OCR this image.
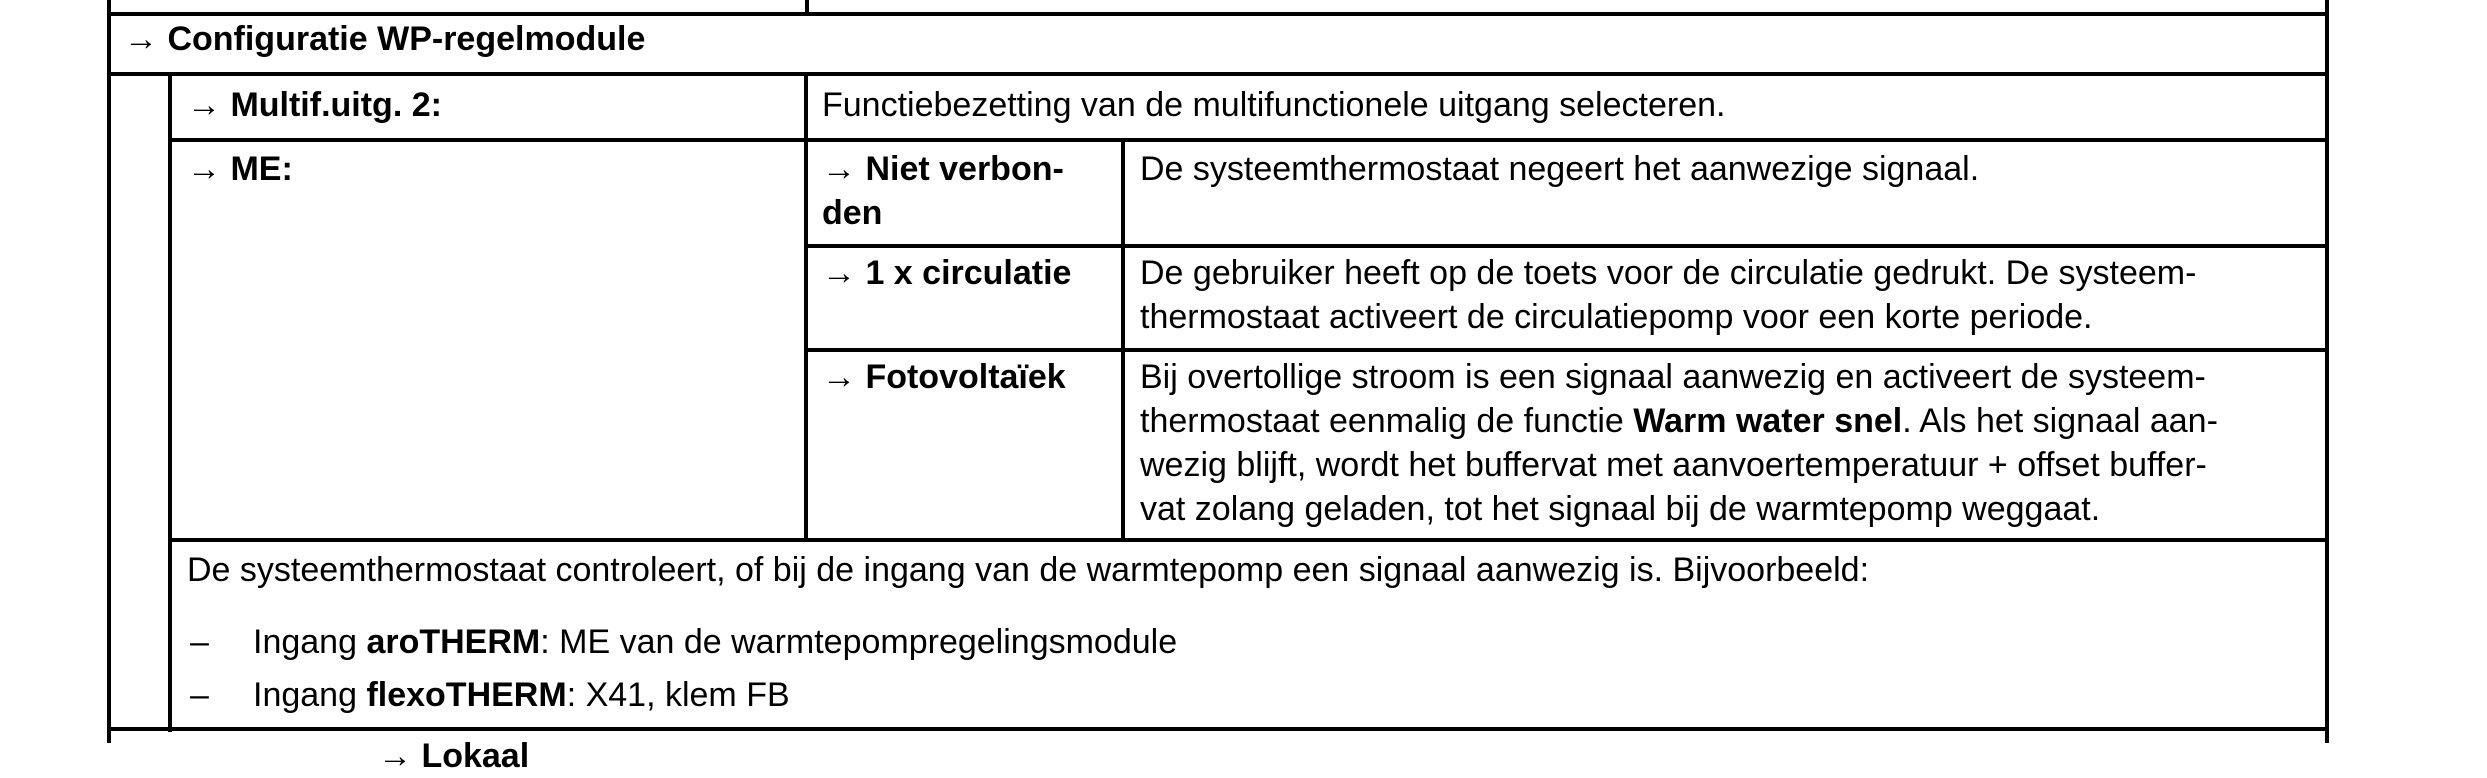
→ Configuratie WP-regelmodule
→ Multif.uitg. 2:	Functiebezetting van de multifunctionele uitgang selecteren.
→ ME:	→ Niet verbon-
den
De systeemthermostaat negeert het aanwezige signaal.
→ 1 x circulatie De gebruiker heeft op de toets voor de circulatie gedrukt. De systeem-
thermostaat activeert de circulatiepomp voor een korte periode.
→ Fotovoltaïek Bij overtollige stroom is een signaal aanwezig en activeert de systeem-
thermostaat eenmalig de functie Warm water snel. Als het signaal aan-
wezig blijft, wordt het buffervat met aanvoertemperatuur + offset buffer-
vat zolang geladen, tot het signaal bij de warmtepomp weggaat.
De systeemthermostaat controleert, of bij de ingang van de warmtepomp een signaal aanwezig is. Bijvoorbeeld:
– Ingang aroTHERM: ME van de warmtepompregelingsmodule
– Ingang flexoTHERM: X41, klem FB
→ Lokaal
